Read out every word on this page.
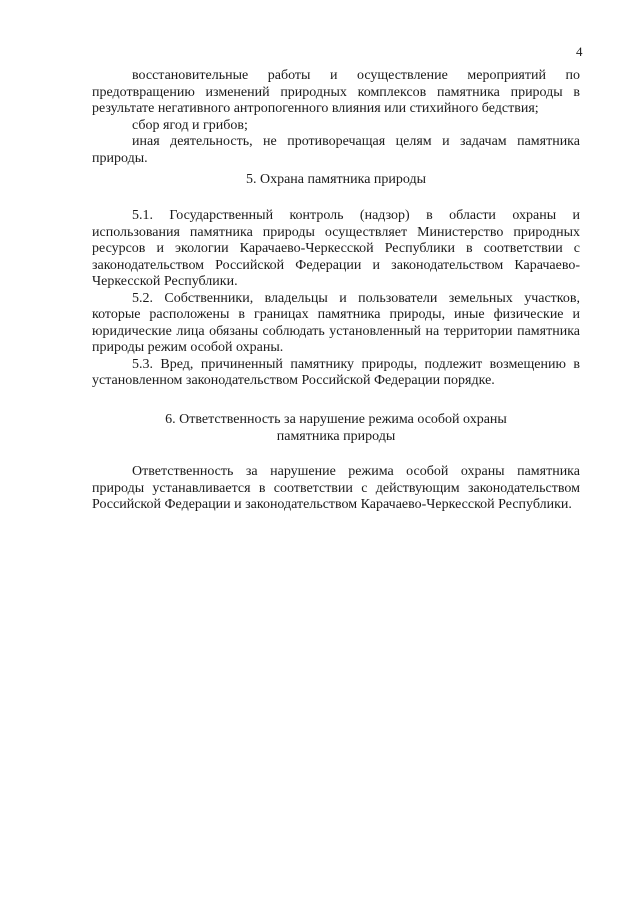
4

восстановительные работы и осуществление мероприятий по предотвращению изменений природных комплексов памятника природы в результате негативного антропогенного влияния или стихийного бедствия;

сбор ягод и грибов;

иная деятельность, не противоречащая целям и задачам памятника природы.

5. Охрана памятника природы

5.1. Государственный контроль (надзор) в области охраны и использования памятника природы осуществляет Министерство природных ресурсов и экологии Карачаево-Черкесской Республики в соответствии с законодательством Российской Федерации и законодательством Карачаево-Черкесской Республики.

5.2. Собственники, владельцы и пользователи земельных участков, которые расположены в границах памятника природы, иные физические и юридические лица обязаны соблюдать установленный на территории памятника природы режим особой охраны.

5.3. Вред, причиненный памятнику природы, подлежит возмещению в установленном законодательством Российской Федерации порядке.

6. Ответственность за нарушение режима особой охраны

памятника природы

Ответственность за нарушение режима особой охраны памятника природы устанавливается в соответствии с действующим законодательством Российской Федерации и законодательством Карачаево-Черкесской Республики.
